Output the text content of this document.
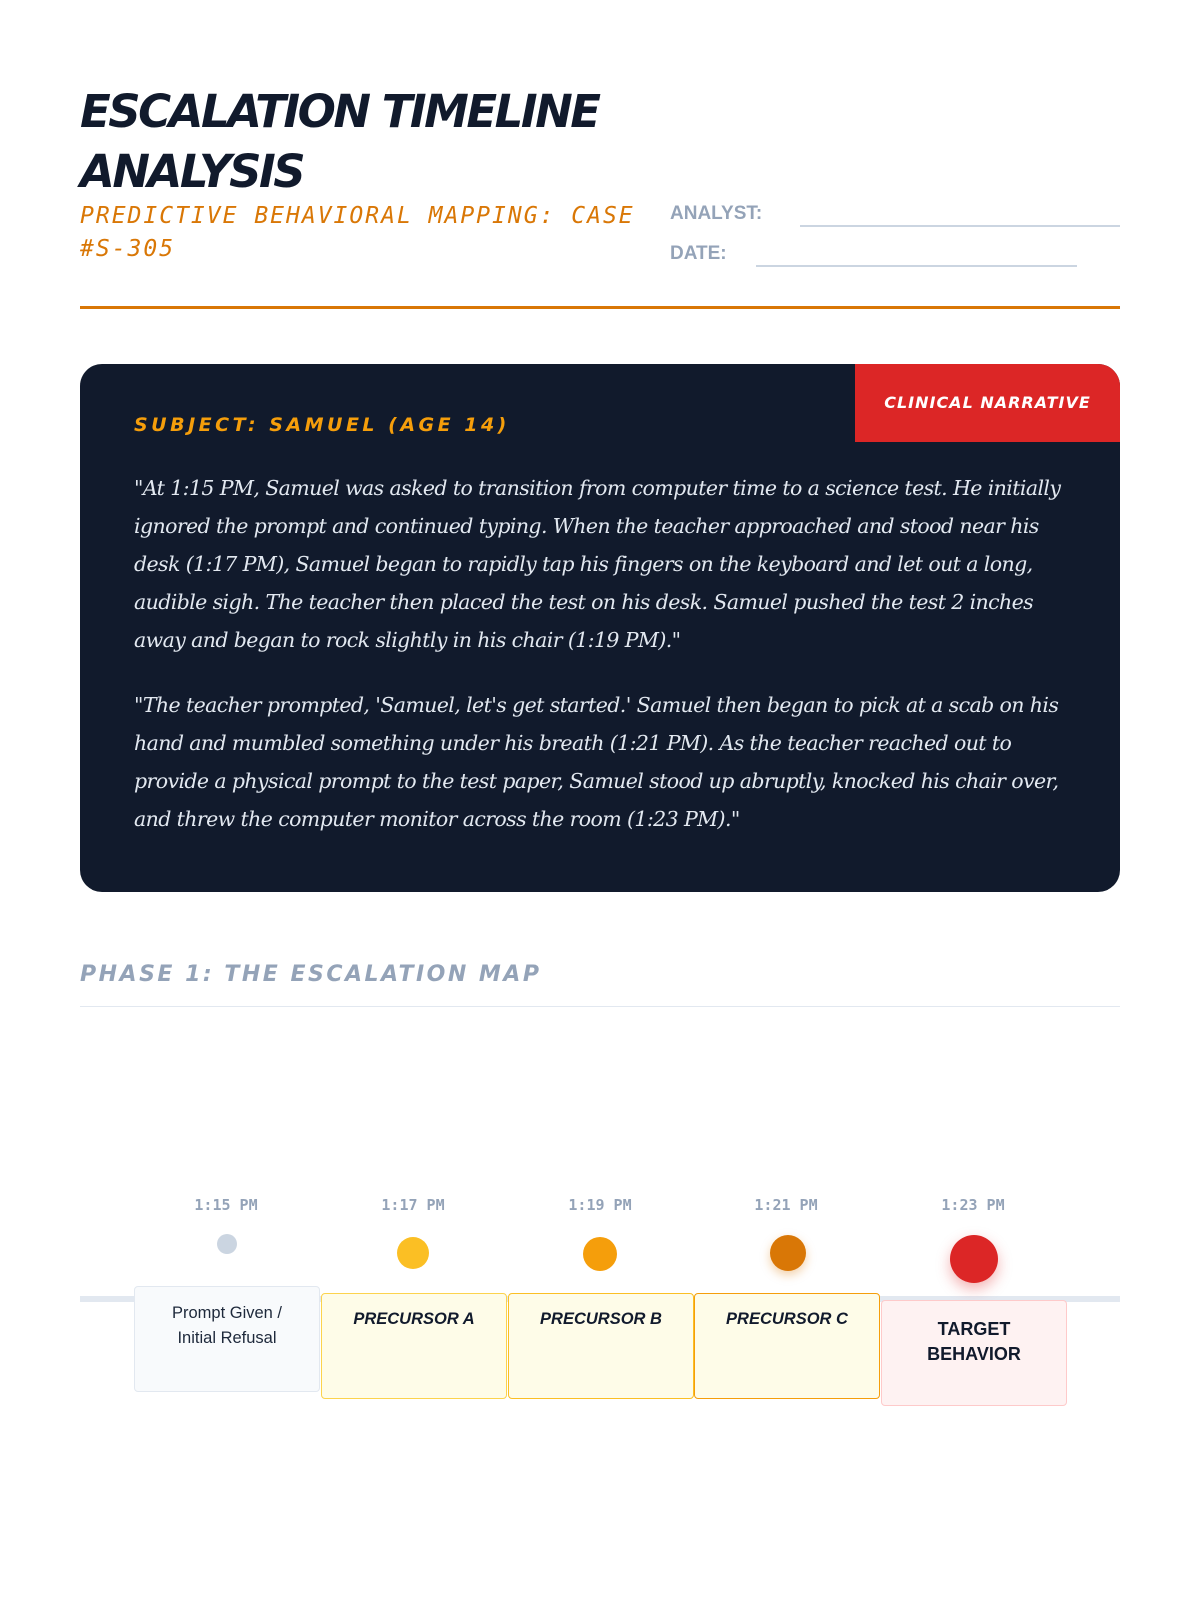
ESCALATION TIMELINE ANALYSIS

PREDICTIVE BEHAVIORAL MAPPING: CASE #S-305

ANALYST:
DATE:
CLINICAL NARRATIVE
SUBJECT: SAMUEL (AGE 14)

"At 1:15 PM, Samuel was asked to transition from computer time to a science test. He initially ignored the prompt and continued typing. When the teacher approached and stood near his desk (1:17 PM), Samuel began to rapidly tap his fingers on the keyboard and let out a long, audible sigh. The teacher then placed the test on his desk. Samuel pushed the test 2 inches away and began to rock slightly in his chair (1:19 PM)."

"The teacher prompted, 'Samuel, let's get started.' Samuel then began to pick at a scab on his hand and mumbled something under his breath (1:21 PM). As the teacher reached out to provide a physical prompt to the test paper, Samuel stood up abruptly, knocked his chair over, and threw the computer monitor across the room (1:23 PM)."

PHASE 1: THE ESCALATION MAP
1:15 PM
Prompt Given / Initial Refusal
1:17 PM
PRECURSOR A
1:19 PM
PRECURSOR B
1:21 PM
PRECURSOR C
1:23 PM
TARGET BEHAVIOR
